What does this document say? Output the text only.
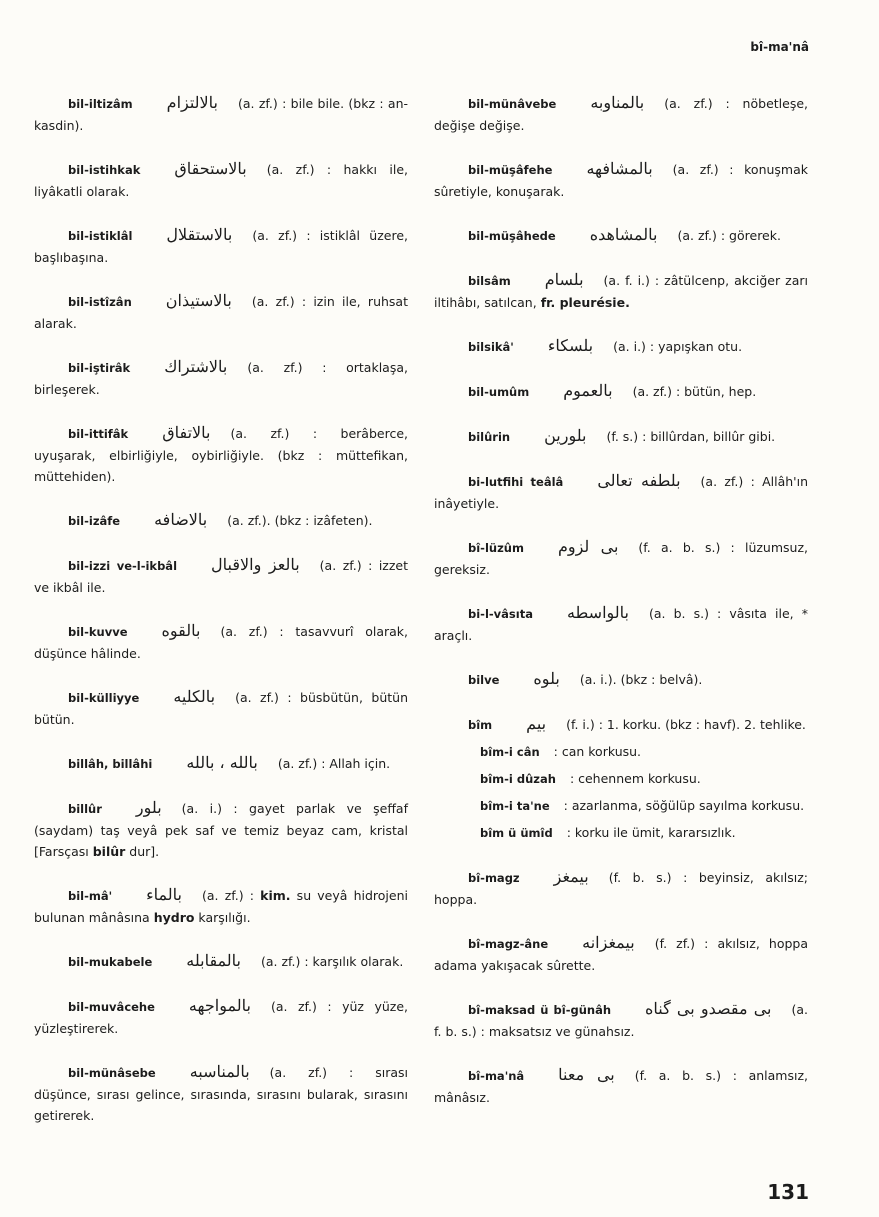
bî-ma'nâ
bil-iltizâm بالالتزام (a. zf.) : bile bile. (bkz : an-kasdin).
bil-istihkak بالاستحقاق (a. zf.) : hakkı ile, liyâkatli olarak.
bil-istiklâl بالاستقلال (a. zf.) : istiklâl üzere, başlıbaşına.
bil-istîzân بالاستيذان (a. zf.) : izin ile, ruhsat alarak.
bil-iştirâk بالاشتراك (a. zf.) : ortaklaşa, birleşerek.
bil-ittifâk بالاتفاق (a. zf.) : berâberce, uyuşarak, elbirliğiyle, oybirliğiyle. (bkz : müttefikan, müttehiden).
bil-izâfe بالاضافه (a. zf.). (bkz : izâfeten).
bil-izzi ve-l-ikbâl بالعز والاقبال (a. zf.) : izzet ve ikbâl ile.
bil-kuvve بالقوه (a. zf.) : tasavvurî olarak, düşünce hâlinde.
bil-külliyye بالكليه (a. zf.) : büsbütün, bütün bütün.
billâh, billâhi بالله ، بالله (a. zf.) : Allah için.
billûr بلور (a. i.) : gayet parlak ve şeffaf (saydam) taş veyâ pek saf ve temiz beyaz cam, kristal [Farsçası bilûr dur].
bil-mâ' بالماء (a. zf.) : kim. su veyâ hidrojeni bulunan mânâsına hydro karşılığı.
bil-mukabele بالمقابله (a. zf.) : karşılık olarak.
bil-muvâcehe بالمواجهه (a. zf.) : yüz yüze, yüzleştirerek.
bil-münâsebe بالمناسبه (a. zf.) : sırası düşünce, sırası gelince, sırasında, sırasını bularak, sırasını getirerek.
bil-münâvebe بالمناوبه (a. zf.) : nöbetleşe, değişe değişe.
bil-müşâfehe بالمشافهه (a. zf.) : konuşmak sûretiyle, konuşarak.
bil-müşâhede بالمشاهده (a. zf.) : görerek.
bilsâm بلسام (a. f. i.) : zâtülcenp, akciğer zarı iltihâbı, satılcan, fr. pleurésie.
bilsikâ' بلسكاء (a. i.) : yapışkan otu.
bil-umûm بالعموم (a. zf.) : bütün, hep.
bilûrin بلورين (f. s.) : billûrdan, billûr gibi.
bi-lutfihi teâlâ بلطفه تعالى (a. zf.) : Allâh'ın inâyetiyle.
bî-lüzûm بى لزوم (f. a. b. s.) : lüzumsuz, gereksiz.
bi-l-vâsıta بالواسطه (a. b. s.) : vâsıta ile, * araçlı.
bilve بلوه (a. i.). (bkz : belvâ).
bîm بيم (f. i.) : 1. korku. (bkz : havf). 2. tehlike.
bîm-i cân : can korkusu.
bîm-i dûzah : cehennem korkusu.
bîm-i ta'ne : azarlanma, söğülüp sayılma korkusu.
bîm ü ümîd : korku ile ümit, kararsızlık.
bî-magz بيمغز (f. b. s.) : beyinsiz, akılsız; hoppa.
bî-magz-âne بيمغزانه (f. zf.) : akılsız, hoppa adama yakışacak sûrette.
bî-maksad ü bî-günâh بى مقصدو بى گناه (a. f. b. s.) : maksatsız ve günahsız.
bî-ma'nâ بى معنا (f. a. b. s.) : anlamsız, mânâsız.
131
